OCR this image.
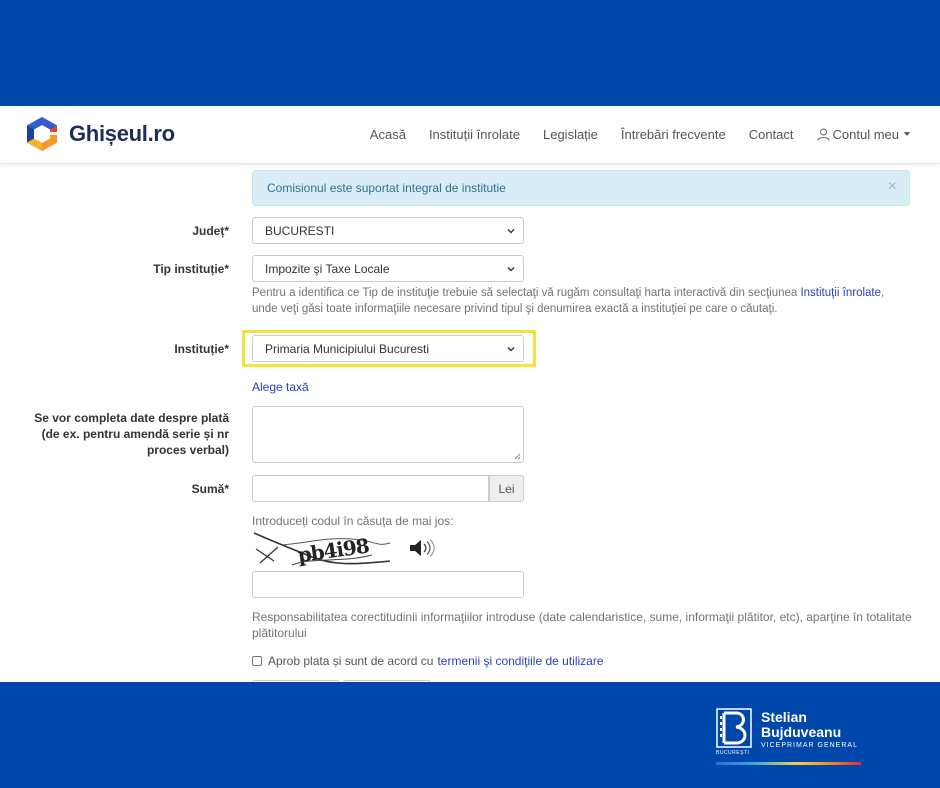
Ghișeul.ro	Acasă Instituții înrolate Legislație Întrebări frecvente Contact	Contul meu
Comisionul este suportat integral de institutie	×
Județ*	BUCURESTI
Tip instituție*	Impozite şi Taxe Locale
Pentru a identifica ce Tip de instituţie trebuie să selectaţi vă rugăm consultaţi harta interactivă din secţiunea Instituţii înrolate, unde veţi găsi toate informaţiile necesare privind tipul şi denumirea exactă a instituţiei pe care o căutaţi.
Instituție*	Primaria Municipiului Bucuresti
Alege taxă
Se vor completa date despre plată (de ex. pentru amendă serie și nr proces verbal)
Sumă*	Lei
Introduceți codul în căsuța de mai jos:
pb4i98
Responsabilitatea corectitudinii informaţiilor introduse (date calendaristice, sume, informaţii plătitor, etc), aparţine în totalitate plătitorului
Aprob plata și sunt de acord cu termenii şi condiţiile de utilizare
BUCUREȘTI
Stelian
Bujduveanu
VICEPRIMAR GENERAL
